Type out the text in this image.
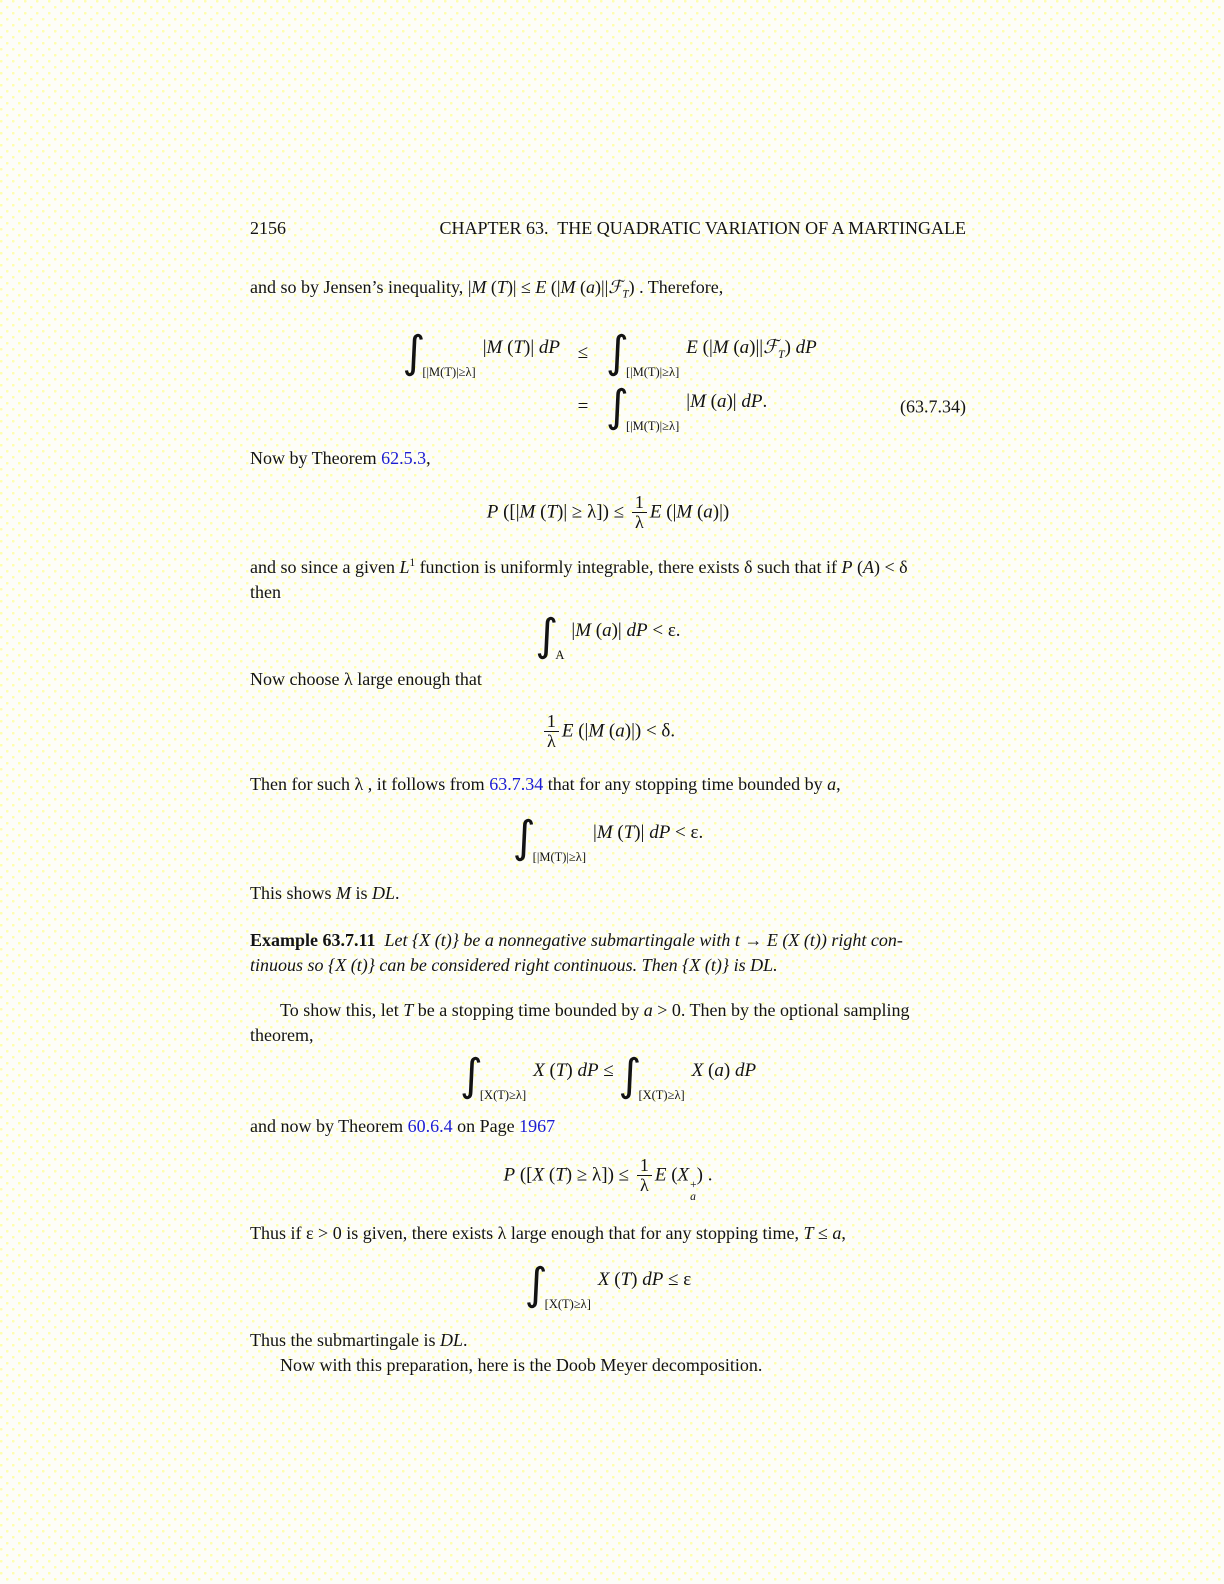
2156	CHAPTER 63.  THE QUADRATIC VARIATION OF A MARTINGALE

and so by Jensen’s inequality, |M (T)| ≤ E (|M (a)||ℱ$_T$) . Therefore,

∫
[|M(T)|≥λ]
|M (T)| dP ≤ ∫
[|M(T)|≥λ]
E (|M (a)||ℱ$_T$) dP
= ∫
[|M(T)|≥λ]
|M (a)| dP.	(63.7.34)

Now by Theorem 62.5.3,

P ([|M $(T)| \ge \lambda]) \le \frac{1}{\lambda}$ E (|M (a)|)

and so since a given $L^1$ function is uniformly integrable, there exists δ such that if P (A) < δ
then

∫
A
|M (a)| dP < ε.

Now choose λ large enough that

$\frac{1}{\lambda}$ E (|M (a)|) < δ.

Then for such λ , it follows from 63.7.34 that for any stopping time bounded by a,

∫
[|M(T)|≥λ]
|M (T)| dP < ε.

This shows M is DL.

Example 63.7.11 Let {X (t)} be a nonnegative submartingale with t → E (X (t)) right con-
tinuous so {X (t)} can be considered right continuous. Then {X (t)} is DL.

To show this, let T be a stopping time bounded by a > 0. Then by the optional sampling
theorem,

∫
[X(T)≥λ]
X (T) dP ≤ ∫
[X(T)≥λ]
X (a) dP

and now by Theorem 60.6.4 on Page 1967

P ([X $(T) \ge \lambda]) \le \frac{1}{\lambda}$ E (X +
a
) .

Thus if ε > 0 is given, there exists λ large enough that for any stopping time, T ≤ a,

∫
[X(T)≥λ]
X (T) dP ≤ ε

Thus the submartingale is DL.

Now with this preparation, here is the Doob Meyer decomposition.
